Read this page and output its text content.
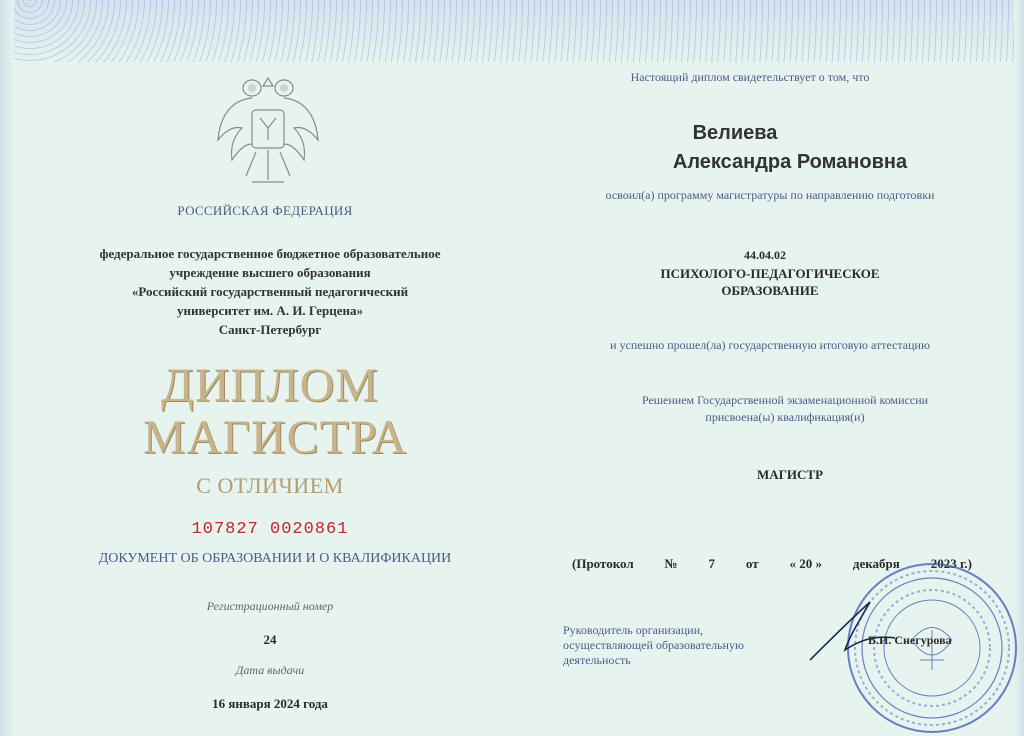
РОССИЙСКАЯ ФЕДЕРАЦИЯ
федеральное государственное бюджетное образовательное
учреждение высшего образования
«Российский государственный педагогический
университет им. А. И. Герцена»
Санкт-Петербург
ДИПЛОМ
МАГИСТРА
С ОТЛИЧИЕМ
107827 0020861
ДОКУМЕНТ ОБ ОБРАЗОВАНИИ И О КВАЛИФИКАЦИИ
Регистрационный номер
24
Дата выдачи
16 января 2024 года
Настоящий диплом свидетельствует о том, что
Велиева
Александра Романовна
освоил(а) программу магистратуры по направлению подготовки
44.04.02
ПСИХОЛОГО-ПЕДАГОГИЧЕСКОЕ
ОБРАЗОВАНИЕ
и успешно прошел(ла) государственную итоговую аттестацию
Решением Государственной экзаменационной комиссии
присвоена(ы) квалификация(и)
МАГИСТР
(Протокол № 7 от « 20 » декабря 2023 г.)
Руководитель организации,
осуществляющей образовательную
деятельность
В.И. Снегурова
